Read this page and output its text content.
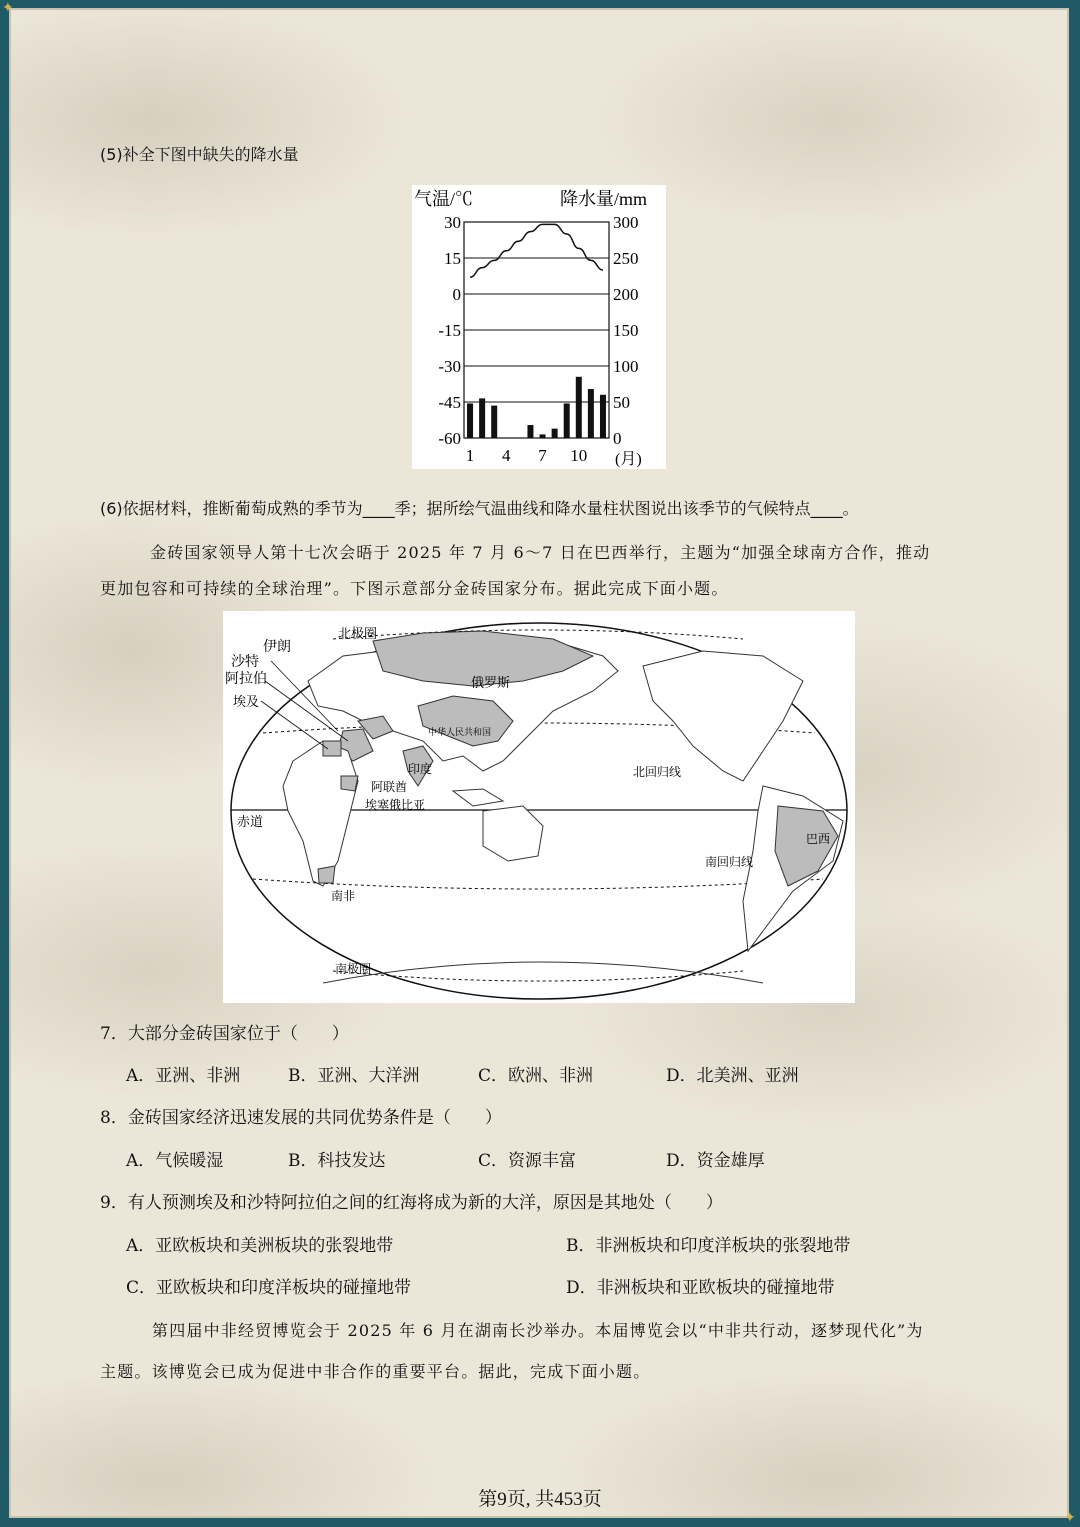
✦
✦
(5)补全下图中缺失的降水量
气温/℃	降水量/mm
30	300
15	250
0	200
-15	150
-30	100
-45	50
-60	0
1 4 7 10 (月)
(6)依据材料，推断葡萄成熟的季节为____季；据所绘气温曲线和降水量柱状图说出该季节的气候特点____。
金砖国家领导人第十七次会晤于 2025 年 7 月 6～7 日在巴西举行，主题为“加强全球南方合作，推动
更加包容和可持续的全球治理”。下图示意部分金砖国家分布。据此完成下面小题。
北极圈
伊朗
沙特
阿拉伯
埃及
俄罗斯
中华人民共和国
印度
阿联酋
埃塞俄比亚
北回归线
赤道
巴西
南回归线
南非
南极圈
7．大部分金砖国家位于（　　）
A．亚洲、非洲	B．亚洲、大洋洲	C．欧洲、非洲	D．北美洲、亚洲
8．金砖国家经济迅速发展的共同优势条件是（　　）
A．气候暖湿	B．科技发达	C．资源丰富	D．资金雄厚
9．有人预测埃及和沙特阿拉伯之间的红海将成为新的大洋，原因是其地处（　　）
A．亚欧板块和美洲板块的张裂地带	B．非洲板块和印度洋板块的张裂地带
C．亚欧板块和印度洋板块的碰撞地带	D．非洲板块和亚欧板块的碰撞地带
第四届中非经贸博览会于 2025 年 6 月在湖南长沙举办。本届博览会以“中非共行动，逐梦现代化”为
主题。该博览会已成为促进中非合作的重要平台。据此，完成下面小题。
第9页, 共453页
